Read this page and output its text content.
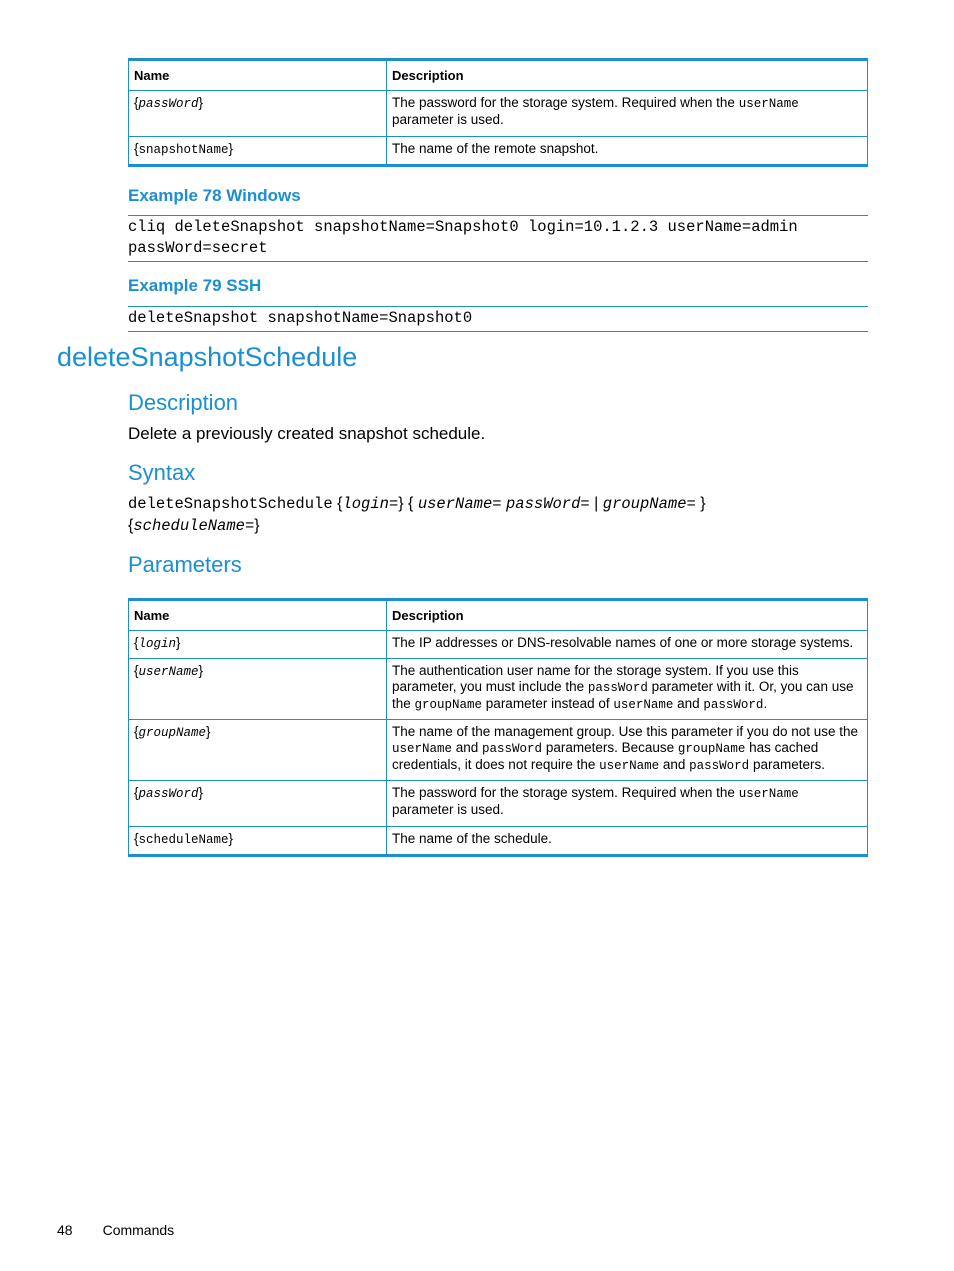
Name	Description
{passWord}	The password for the storage system. Required when the userName parameter is used.
{snapshotName}	The name of the remote snapshot.
Example 78 Windows
cliq deleteSnapshot snapshotName=Snapshot0 login=10.1.2.3 userName=admin
passWord=secret
Example 79 SSH
deleteSnapshot snapshotName=Snapshot0
deleteSnapshotSchedule
Description
Delete a previously created snapshot schedule.
Syntax
deleteSnapshotSchedule {login=} { userName= passWord= | groupName= }
{scheduleName=}
Parameters
Name	Description
{login}	The IP addresses or DNS-resolvable names of one or more storage systems.
{userName}	The authentication user name for the storage system. If you use this parameter, you must include the passWord parameter with it. Or, you can use the groupName parameter instead of userName and passWord.
{groupName}	The name of the management group. Use this parameter if you do not use the userName and passWord parameters. Because groupName has cached credentials, it does not require the userName and passWord parameters.
{passWord}	The password for the storage system. Required when the userName parameter is used.
{scheduleName}	The name of the schedule.
48 Commands
